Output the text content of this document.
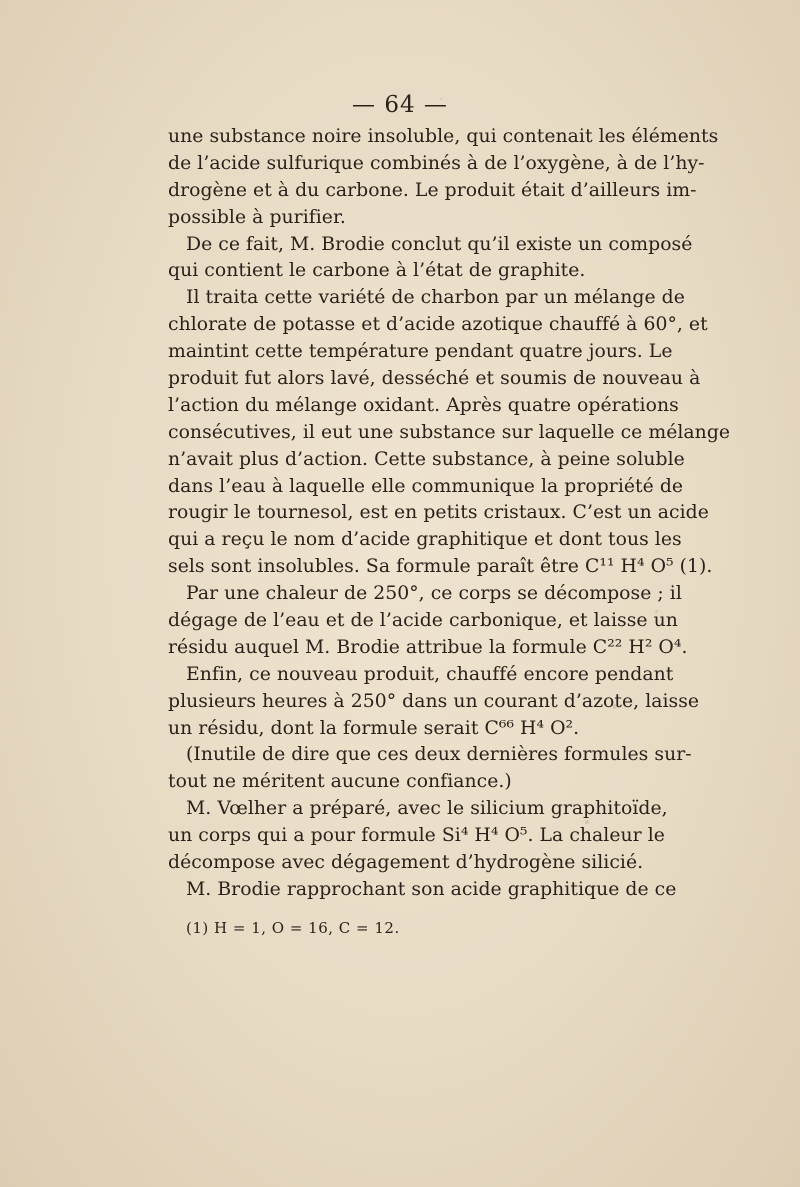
— 64 —
une substance noire insoluble, qui contenait les éléments
de l’acide sulfurique combinés à de l’oxygène, à de l’hy-
drogène et à du carbone. Le produit était d’ailleurs im-
possible à purifier.
De ce fait, M. Brodie conclut qu’il existe un composé
qui contient le carbone à l’état de graphite.
Il traita cette variété de charbon par un mélange de
chlorate de potasse et d’acide azotique chauffé à 60°, et
maintint cette température pendant quatre jours. Le
produit fut alors lavé, desséché et soumis de nouveau à
l’action du mélange oxidant. Après quatre opérations
consécutives, il eut une substance sur laquelle ce mélange
n’avait plus d’action. Cette substance, à peine soluble
dans l’eau à laquelle elle communique la propriété de
rougir le tournesol, est en petits cristaux. C’est un acide
qui a reçu le nom d’acide graphitique et dont tous les
sels sont insolubles. Sa formule paraît être C¹¹ H⁴ O⁵ (1).
Par une chaleur de 250°, ce corps se décompose ; il
dégage de l’eau et de l’acide carbonique, et laisse un
résidu auquel M. Brodie attribue la formule C²² H² O⁴.
Enfin, ce nouveau produit, chauffé encore pendant
plusieurs heures à 250° dans un courant d’azote, laisse
un résidu, dont la formule serait C⁶⁶ H⁴ O².
(Inutile de dire que ces deux dernières formules sur-
tout ne méritent aucune confiance.)
M. Vœlher a préparé, avec le silicium graphitoïde,
un corps qui a pour formule Si⁴ H⁴ O⁵. La chaleur le
décompose avec dégagement d’hydrogène silicié.
M. Brodie rapprochant son acide graphitique de ce
(1) H = 1, O = 16, C = 12.
